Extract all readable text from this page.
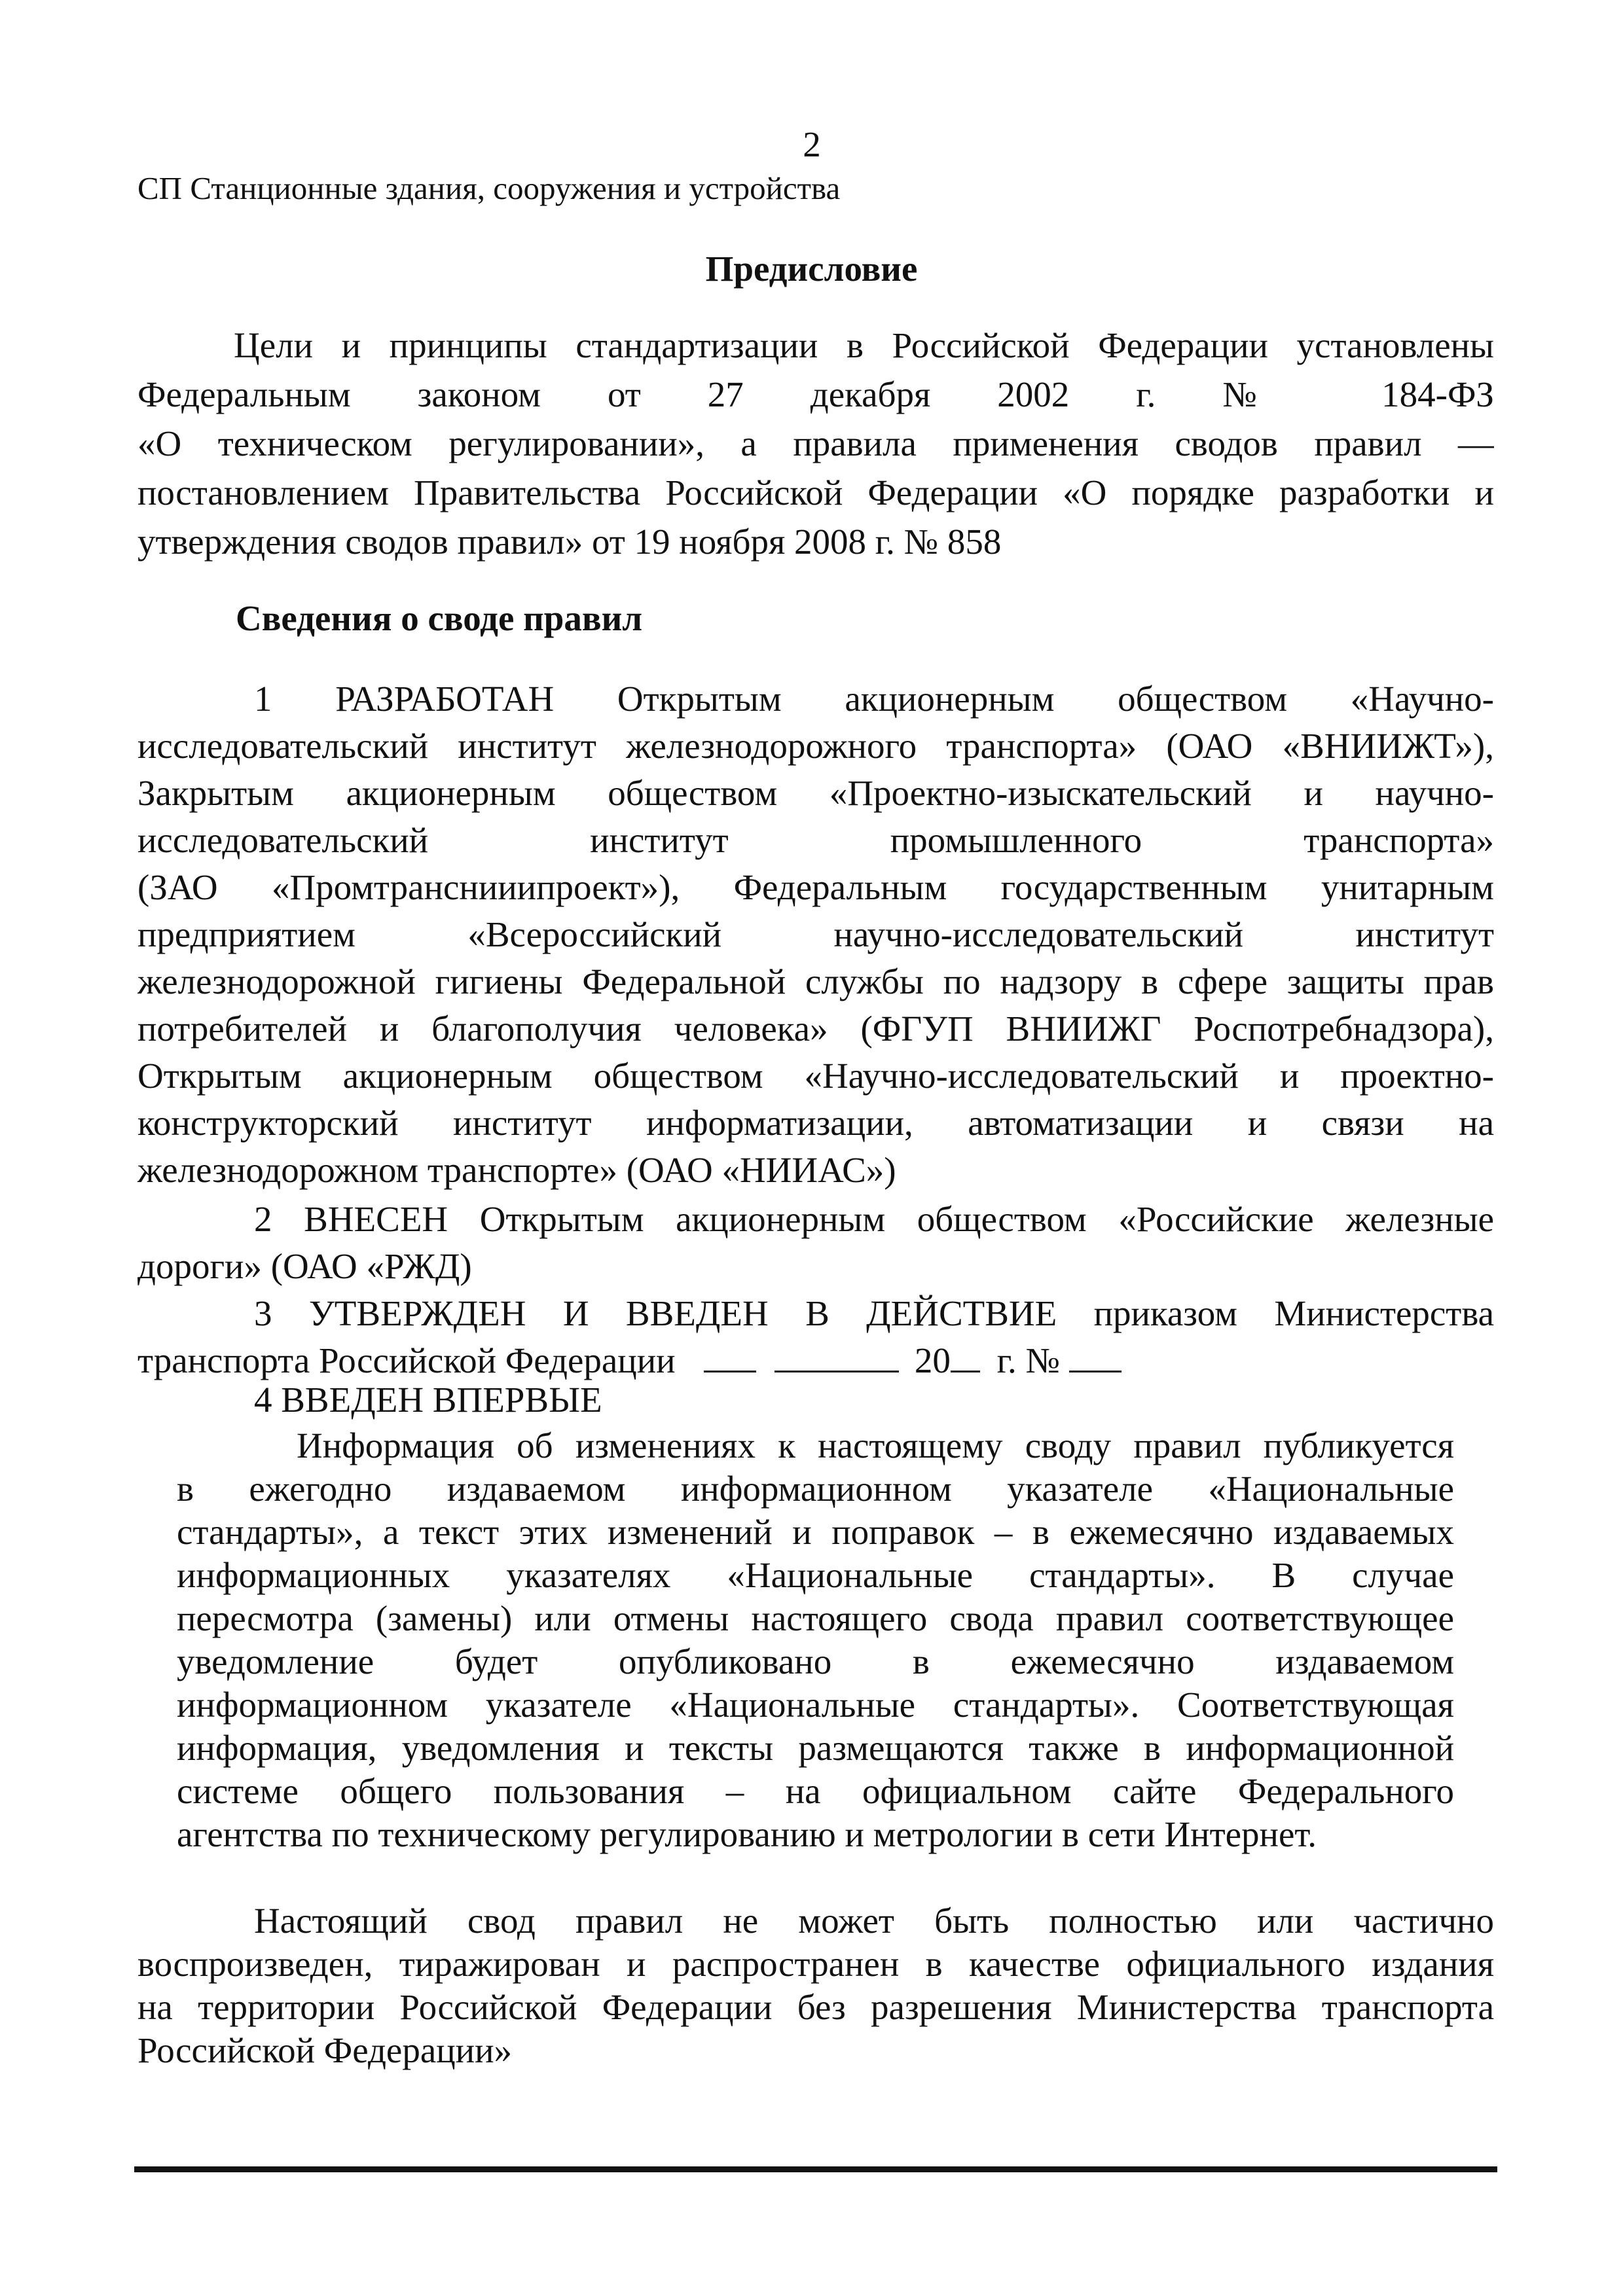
2
СП Станционные здания, сооружения и устройства
Предисловие
Цели и принципы стандартизации в Российской Федерации установлены
Федеральным законом от 27 декабря 2002 г. № 184-ФЗ
«О техническом регулировании», а правила применения сводов правил —
постановлением Правительства Российской Федерации «О порядке разработки и
утверждения сводов правил» от 19 ноября 2008 г. № 858
Сведения о своде правил
1 РАЗРАБОТАН Открытым акционерным обществом «Научно-
исследовательский институт железнодорожного транспорта» (ОАО «ВНИИЖТ»),
Закрытым акционерным обществом «Проектно-изыскательский и научно-
исследовательский институт промышленного транспорта»
(ЗАО «Промтранснииипроект»), Федеральным государственным унитарным
предприятием «Всероссийский научно-исследовательский институт
железнодорожной гигиены Федеральной службы по надзору в сфере защиты прав
потребителей и благополучия человека» (ФГУП ВНИИЖГ Роспотребнадзора),
Открытым акционерным обществом «Научно-исследовательский и проектно-
конструкторский институт информатизации, автоматизации и связи на
железнодорожном транспорте» (ОАО «НИИАС»)
2 ВНЕСЕН Открытым акционерным обществом «Российские железные
дороги» (ОАО «РЖД)
3 УТВЕРЖДЕН И ВВЕДЕН В ДЕЙСТВИЕ приказом Министерства
транспорта Российской Федерации	20 г. №
4 ВВЕДЕН ВПЕРВЫЕ
Информация об изменениях к настоящему своду правил публикуется
в ежегодно издаваемом информационном указателе «Национальные
стандарты», а текст этих изменений и поправок – в ежемесячно издаваемых
информационных указателях «Национальные стандарты». В случае
пересмотра (замены) или отмены настоящего свода правил соответствующее
уведомление будет опубликовано в ежемесячно издаваемом
информационном указателе «Национальные стандарты». Соответствующая
информация, уведомления и тексты размещаются также в информационной
системе общего пользования – на официальном сайте Федерального
агентства по техническому регулированию и метрологии в сети Интернет.
Настоящий свод правил не может быть полностью или частично
воспроизведен, тиражирован и распространен в качестве официального издания
на территории Российской Федерации без разрешения Министерства транспорта
Российской Федерации»
